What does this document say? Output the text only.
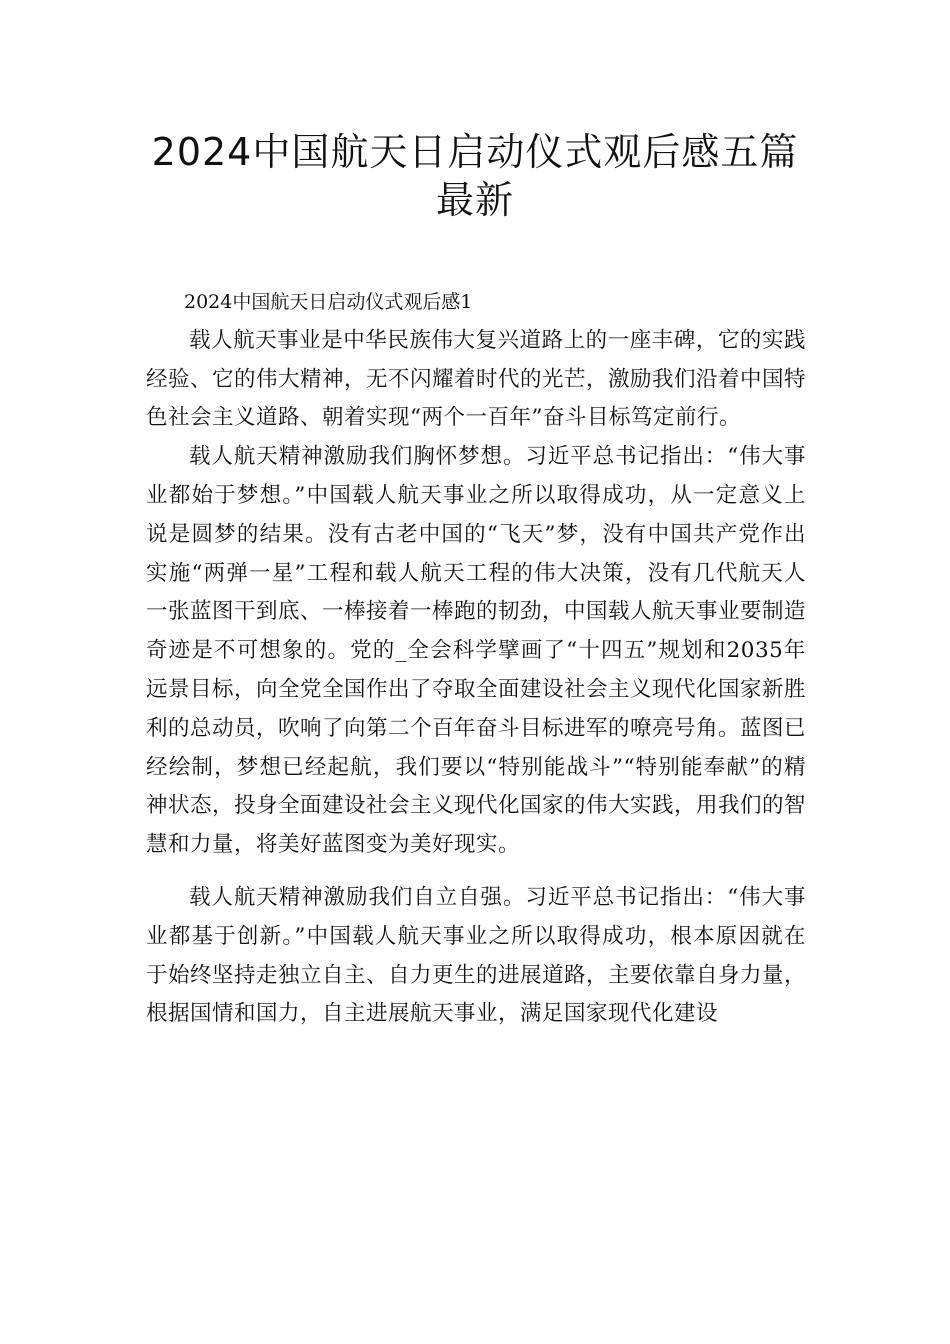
2024中国航天日启动仪式观后感五篇最新

2024中国航天日启动仪式观后感1

载人航天事业是中华民族伟大复兴道路上的一座丰碑，它的实践经验、它的伟大精神，无不闪耀着时代的光芒，激励我们沿着中国特色社会主义道路、朝着实现“两个一百年”奋斗目标笃定前行。

载人航天精神激励我们胸怀梦想。习近平总书记指出：“伟大事业都始于梦想。”中国载人航天事业之所以取得成功，从一定意义上说是圆梦的结果。没有古老中国的“飞天”梦，没有中国共产党作出实施“两弹一星”工程和载人航天工程的伟大决策，没有几代航天人一张蓝图干到底、一棒接着一棒跑的韧劲，中国载人航天事业要制造奇迹是不可想象的。党的_全会科学擘画了“十四五”规划和2035年远景目标，向全党全国作出了夺取全面建设社会主义现代化国家新胜利的总动员，吹响了向第二个百年奋斗目标进军的嘹亮号角。蓝图已经绘制，梦想已经起航，我们要以“特别能战斗”“特别能奉献”的精神状态，投身全面建设社会主义现代化国家的伟大实践，用我们的智慧和力量，将美好蓝图变为美好现实。

载人航天精神激励我们自立自强。习近平总书记指出：“伟大事业都基于创新。”中国载人航天事业之所以取得成功，根本原因就在于始终坚持走独立自主、自力更生的进展道路，主要依靠自身力量，根据国情和国力，自主进展航天事业，满足国家现代化建设
